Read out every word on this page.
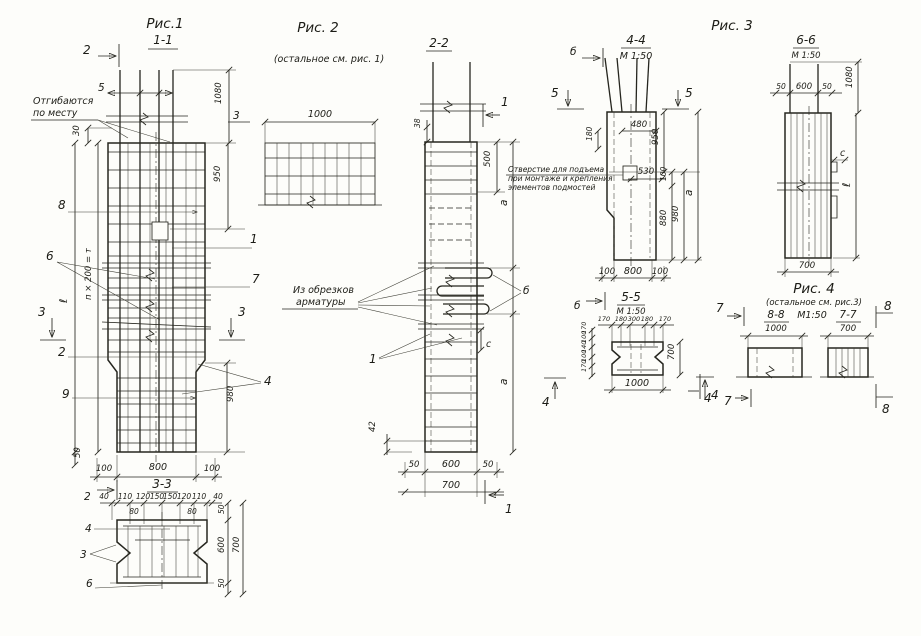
Рис.1
1-1
2
Отгибаются
по месту
5	1080
950
980
30
ℓ
п × 200 = т
50
100	800	100
8
6
3	3
2
9
1
7
4
3-3
2 40 110 120 150
150 120 110 40
80	80	50
600
50
700
4
3
6
Рис. 2
(остальное см. рис. 1)
3	1000
2-2
1
38
Из обрезков
арматуры
б
c
500
а
а
1
42
50 600	50
700
1
Рис. 3
4-4
М 1:50
б
5	5
480
180
530
950
100
880 980
а
Отверстие для подъема
при монтаже и крепления
элементов подмостей
100 800 100
5-5
М 1:50
б
170 180 300 180 170
170
100
140
100
170
700
1000
4	4
6-6
М 1:50
50 600 50 1080
c
ℓ
700
Рис. 4
(остальное см. рис.3)
8-8 М1:50 7-7
1000	700
7	8
4 7
8
